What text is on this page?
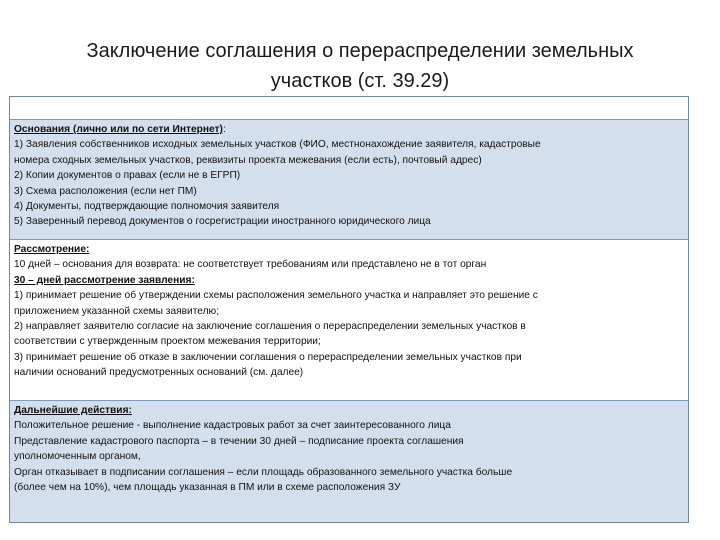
Заключение соглашения о перераспределении земельных
участков (ст. 39.29)
Основания (лично или по сети Интернет):
1) Заявления собственников исходных земельных участков (ФИО, местнонахождение заявителя, кадастровые
номера сходных земельных участков, реквизиты проекта межевания (если есть), почтовый адрес)
2) Копии документов о правах (если не в ЕГРП)
3) Схема расположения (если нет ПМ)
4) Документы, подтверждающие полномочия заявителя
5) Заверенный перевод документов о госрегистрации иностранного юридического лица
Рассмотрение:
10 дней – основания для возврата: не соответствует требованиям или представлено не в тот орган
30 – дней рассмотрение заявления:
1) принимает решение об утверждении схемы расположения земельного участка и направляет это решение с
приложением указанной схемы заявителю;
2) направляет заявителю согласие на заключение соглашения о перераспределении земельных участков в
соответствии с утвержденным проектом межевания территории;
3) принимает решение об отказе в заключении соглашения о перераспределении земельных участков при
наличии оснований предусмотренных оснований (см. далее)
Дальнейшие действия:
Положительное решение - выполнение кадастровых работ за счет заинтересованного лица
Представление кадастрового паспорта – в течении 30 дней – подписание проекта соглашения
уполномоченным органом,
Орган отказывает в подписании соглашения – если площадь образованного земельного участка больше
(более чем на 10%), чем площадь указанная в ПМ или в схеме расположения ЗУ
